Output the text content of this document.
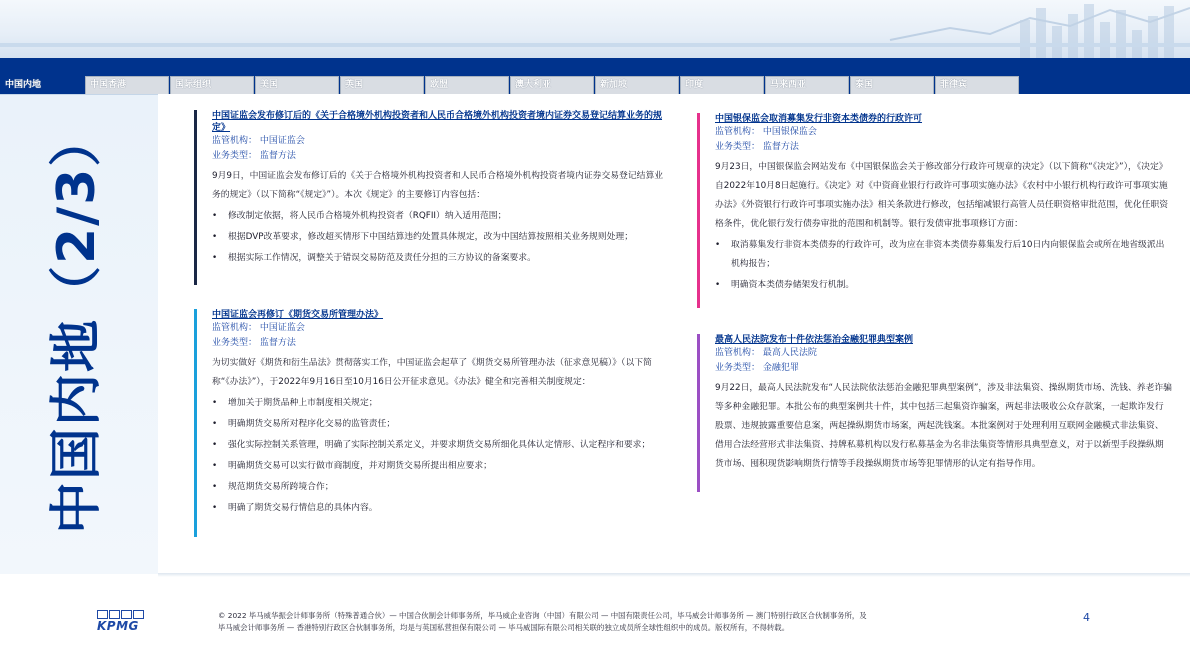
中国内地	中国香港	国际组织	美国	英国	欧盟	澳大利亚	新加坡	印度	马来西亚	泰国	菲律宾
中国内地（2/3）	中国证监会发布修订后的《关于合格境外机构投资者和人民币合格境外机构投资者境内证券交易登记结算业务的规定》
监管机构： 中国证监会
业务类型： 监督方法
9月9日，中国证监会发布修订后的《关于合格境外机构投资者和人民币合格境外机构投资者境内证券交易登记结算业务的规定》（以下简称“《规定》”）。本次《规定》的主要修订内容包括：
• 修改制定依据，将人民币合格境外机构投资者（RQFII）纳入适用范围；
• 根据DVP改革要求，修改超买情形下中国结算违约处置具体规定，改为中国结算按照相关业务规则处理；
• 根据实际工作情况，调整关于错误交易防范及责任分担的三方协议的备案要求。
中国证监会再修订《期货交易所管理办法》
监管机构： 中国证监会
业务类型： 监督方法
为切实做好《期货和衍生品法》贯彻落实工作，中国证监会起草了《期货交易所管理办法（征求意见稿）》（以下简称“《办法》”），于2022年9月16日至10月16日公开征求意见。《办法》健全和完善相关制度规定：
• 增加关于期货品种上市制度相关规定；
• 明确期货交易所对程序化交易的监管责任；
• 强化实际控制关系管理，明确了实际控制关系定义，并要求期货交易所细化具体认定情形、认定程序和要求；
• 明确期货交易可以实行做市商制度，并对期货交易所提出相应要求；
• 规范期货交易所跨境合作；
• 明确了期货交易行情信息的具体内容。
中国银保监会取消募集发行非资本类债券的行政许可
监管机构： 中国银保监会
业务类型： 监督方法
9月23日，中国银保监会网站发布《中国银保监会关于修改部分行政许可规章的决定》（以下简称“《决定》”），《决定》自2022年10月8日起施行。《决定》对《中资商业银行行政许可事项实施办法》《农村中小银行机构行政许可事项实施办法》《外资银行行政许可事项实施办法》相关条款进行修改，包括缩减银行高管人员任职资格审批范围，优化任职资格条件，优化银行发行债券审批的范围和机制等。银行发债审批事项修订方面：
• 取消募集发行非资本类债券的行政许可，改为应在非资本类债券募集发行后10日内向银保监会或所在地省级派出机构报告；
• 明确资本类债券储架发行机制。
最高人民法院发布十件依法惩治金融犯罪典型案例
监管机构： 最高人民法院
业务类型： 金融犯罪
9月22日，最高人民法院发布“人民法院依法惩治金融犯罪典型案例”，涉及非法集资、操纵期货市场、洗钱、养老诈骗等多种金融犯罪。本批公布的典型案例共十件，其中包括三起集资诈骗案，两起非法吸收公众存款案，一起欺诈发行股票、违规披露重要信息案，两起操纵期货市场案，两起洗钱案。本批案例对于处理利用互联网金融模式非法集资、借用合法经营形式非法集资、持牌私募机构以发行私募基金为名非法集资等情形具典型意义，对于以新型手段操纵期货市场、囤积现货影响期货行情等手段操纵期货市场等犯罪情形的认定有指导作用。
KPMG
© 2022 毕马威华振会计师事务所（特殊普通合伙）— 中国合伙制会计师事务所，毕马威企业咨询（中国）有限公司 — 中国有限责任公司，毕马威会计师事务所 — 澳门特别行政区合伙制事务所，及
毕马威会计师事务所 — 香港特别行政区合伙制事务所，均是与英国私营担保有限公司 — 毕马威国际有限公司相关联的独立成员所全球性组织中的成员。版权所有，不得转载。
4
